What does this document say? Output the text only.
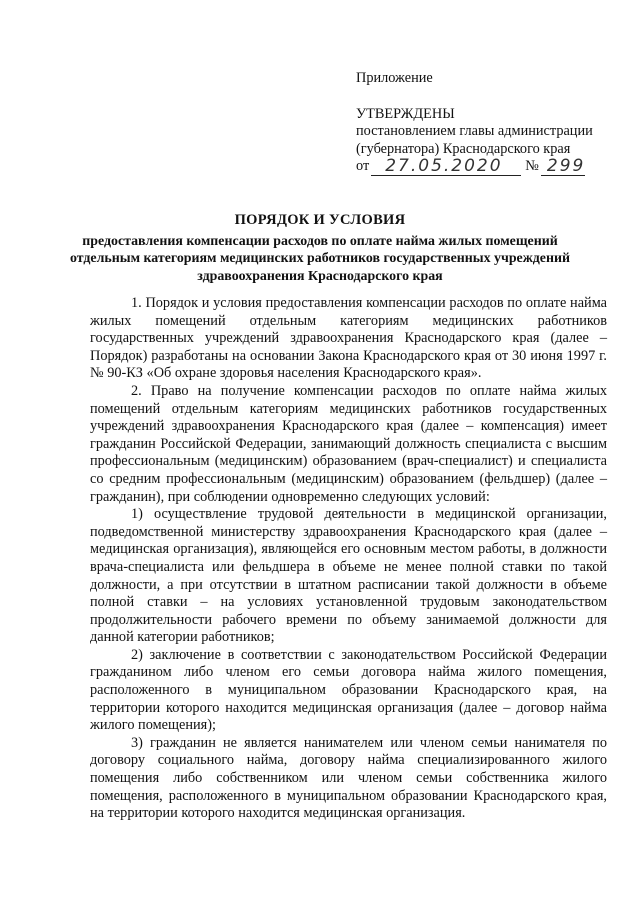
Приложение
УТВЕРЖДЕНЫ
постановлением главы администрации
(губернатора) Краснодарского края
от 27.05.2020 № 299
ПОРЯДОК И УСЛОВИЯ
предоставления компенсации расходов по оплате найма жилых помещений отдельным категориям медицинских работников государственных учреждений здравоохранения Краснодарского края

1. Порядок и условия предоставления компенсации расходов по оплате найма жилых помещений отдельным категориям медицинских работников государственных учреждений здравоохранения Краснодарского края (далее – Порядок) разработаны на основании Закона Краснодарского края от 30 июня 1997 г. № 90-КЗ «Об охране здоровья населения Краснодарского края».

2. Право на получение компенсации расходов по оплате найма жилых помещений отдельным категориям медицинских работников государственных учреждений здравоохранения Краснодарского края (далее – компенсация) имеет гражданин Российской Федерации, занимающий должность специалиста с высшим профессиональным (медицинским) образованием (врач-специалист) и специалиста со средним профессиональным (медицинским) образованием (фельдшер) (далее – гражданин), при соблюдении одновременно следующих условий:

1) осуществление трудовой деятельности в медицинской организации, подведомственной министерству здравоохранения Краснодарского края (далее – медицинская организация), являющейся его основным местом работы, в должности врача-специалиста или фельдшера в объеме не менее полной ставки по такой должности, а при отсутствии в штатном расписании такой должности в объеме полной ставки – на условиях установленной трудовым законодательством продолжительности рабочего времени по объему занимаемой должности для данной категории работников;

2) заключение в соответствии с законодательством Российской Федерации гражданином либо членом его семьи договора найма жилого помещения, расположенного в муниципальном образовании Краснодарского края, на территории которого находится медицинская организация (далее – договор найма жилого помещения);

3) гражданин не является нанимателем или членом семьи нанимателя по договору социального найма, договору найма специализированного жилого помещения либо собственником или членом семьи собственника жилого помещения, расположенного в муниципальном образовании Краснодарского края, на территории которого находится медицинская организация.
